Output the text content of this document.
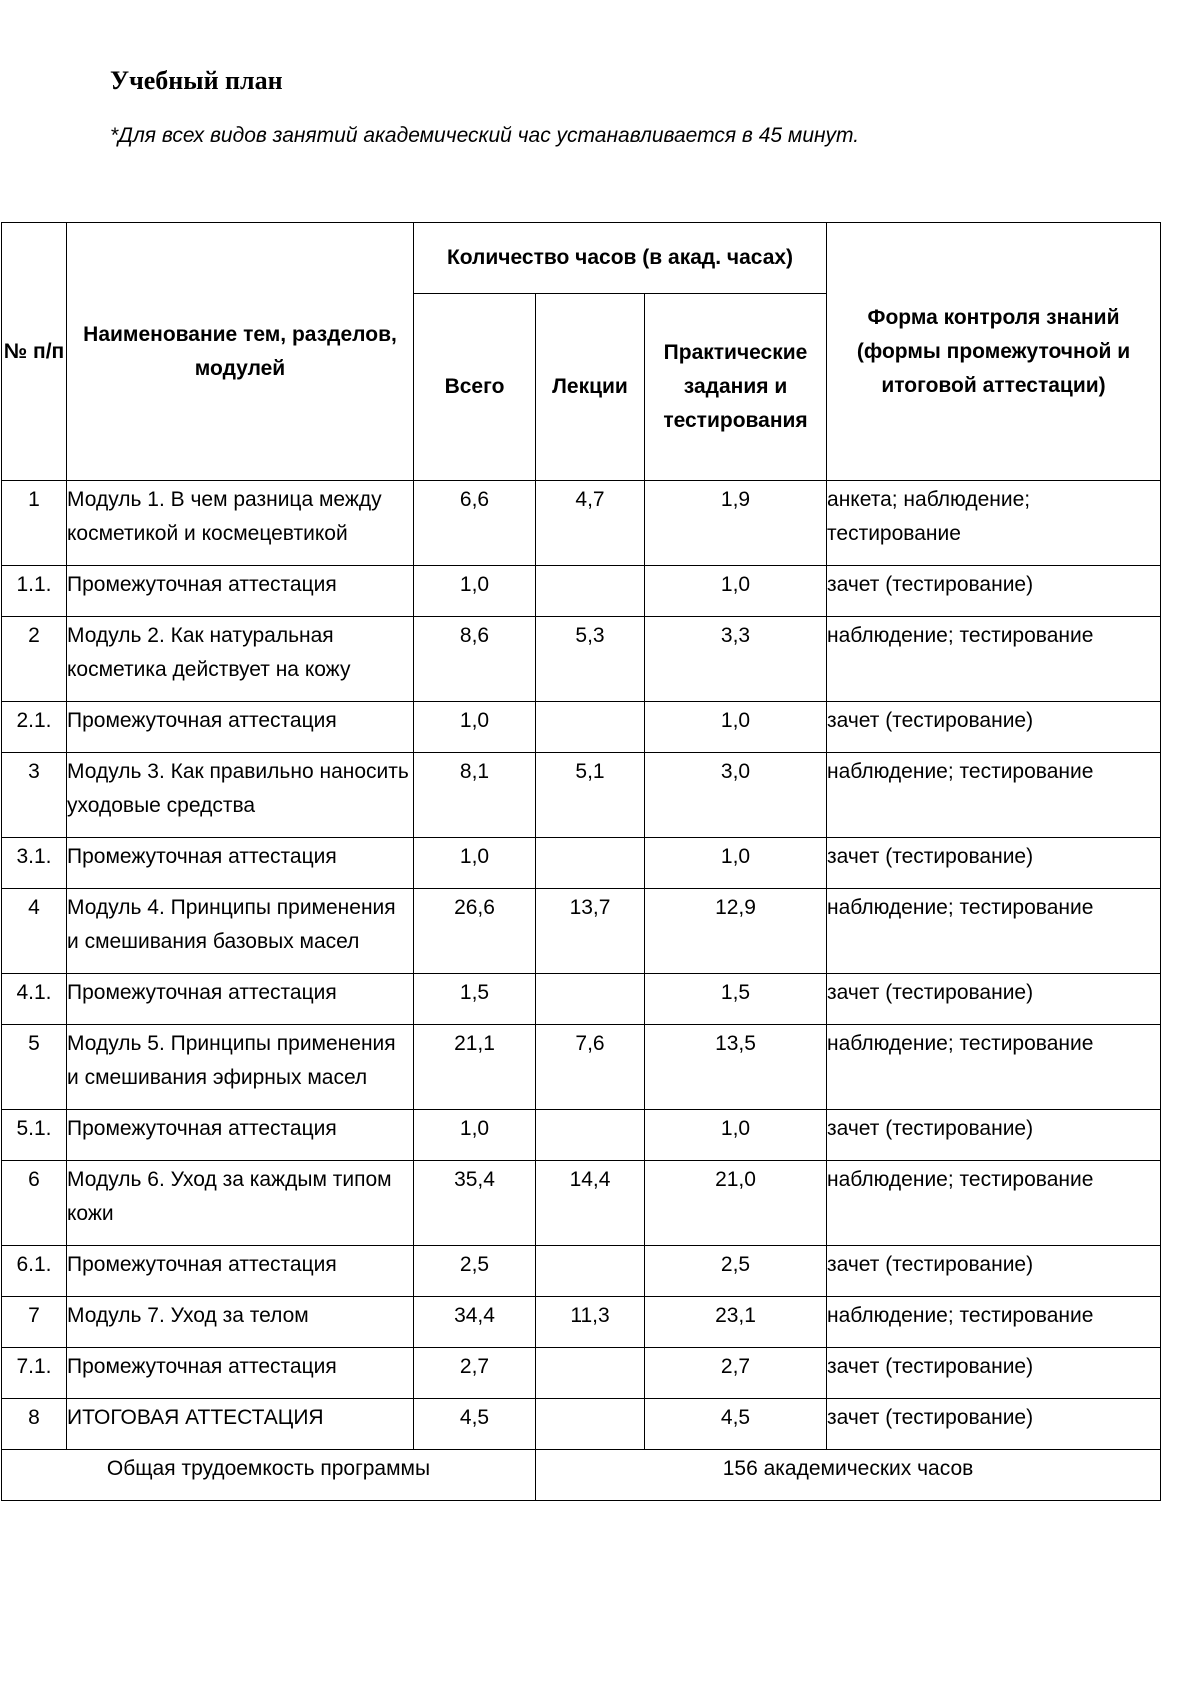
Учебный план

*Для всех видов занятий академический час устанавливается в 45 минут.

№ п/п	Наименование тем, разделов, модулей	Количество часов (в акад. часах)			Форма контроля знаний (формы промежуточной и итоговой аттестации)
		Всего	Лекции	Практические задания и тестирования	
1	Модуль 1. В чем разница между косметикой и космецевтикой	6,6	4,7	1,9	анкета; наблюдение; тестирование
1.1.	Промежуточная аттестация	1,0		1,0	зачет (тестирование)
2	Модуль 2. Как натуральная косметика действует на кожу	8,6	5,3	3,3	наблюдение; тестирование
2.1.	Промежуточная аттестация	1,0		1,0	зачет (тестирование)
3	Модуль 3. Как правильно наносить уходовые средства	8,1	5,1	3,0	наблюдение; тестирование
3.1.	Промежуточная аттестация	1,0		1,0	зачет (тестирование)
4	Модуль 4. Принципы применения и смешивания базовых масел	26,6	13,7	12,9	наблюдение; тестирование
4.1.	Промежуточная аттестация	1,5		1,5	зачет (тестирование)
5	Модуль 5. Принципы применения и смешивания эфирных масел	21,1	7,6	13,5	наблюдение; тестирование
5.1.	Промежуточная аттестация	1,0		1,0	зачет (тестирование)
6	Модуль 6. Уход за каждым типом кожи	35,4	14,4	21,0	наблюдение; тестирование
6.1.	Промежуточная аттестация	2,5		2,5	зачет (тестирование)
7	Модуль 7. Уход за телом	34,4	11,3	23,1	наблюдение; тестирование
7.1.	Промежуточная аттестация	2,7		2,7	зачет (тестирование)
8	ИТОГОВАЯ АТТЕСТАЦИЯ	4,5		4,5	зачет (тестирование)
Общая трудоемкость программы			156 академических часов		
